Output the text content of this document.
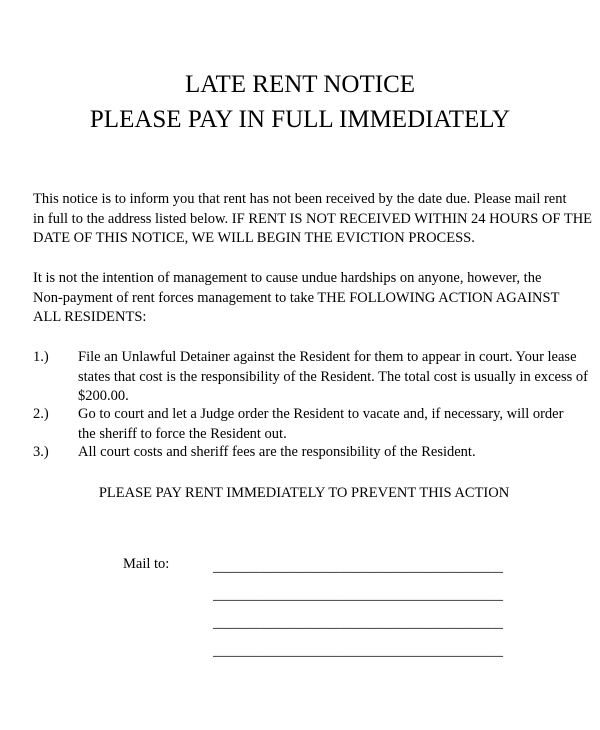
LATE RENT NOTICE
PLEASE PAY IN FULL IMMEDIATELY
This notice is to inform you that rent has not been received by the date due. Please mail rent
in full to the address listed below. IF RENT IS NOT RECEIVED WITHIN 24 HOURS OF THE
DATE OF THIS NOTICE, WE WILL BEGIN THE EVICTION PROCESS.
It is not the intention of management to cause undue hardships on anyone, however, the
Non-payment of rent forces management to take THE FOLLOWING ACTION AGAINST
ALL RESIDENTS:
1.) File an Unlawful Detainer against the Resident for them to appear in court. Your lease
states that cost is the responsibility of the Resident. The total cost is usually in excess of
$200.00.
2.) Go to court and let a Judge order the Resident to vacate and, if necessary, will order
the sheriff to force the Resident out.
3.) All court costs and sheriff fees are the responsibility of the Resident.
PLEASE PAY RENT IMMEDIATELY TO PREVENT THIS ACTION
Mail to:	________________________________________
________________________________________
________________________________________
________________________________________
